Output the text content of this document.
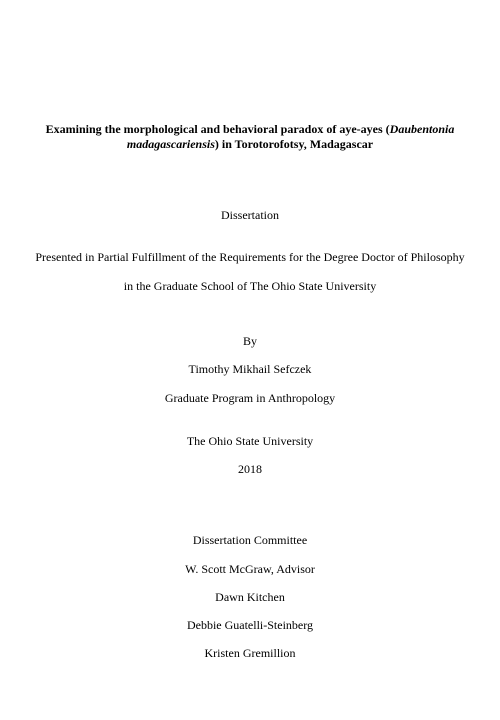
Examining the morphological and behavioral paradox of aye-ayes (Daubentonia
madagascariensis) in Torotorofotsy, Madagascar
Dissertation
Presented in Partial Fulfillment of the Requirements for the Degree Doctor of Philosophy
in the Graduate School of The Ohio State University
By
Timothy Mikhail Sefczek
Graduate Program in Anthropology
The Ohio State University
2018
Dissertation Committee
W. Scott McGraw, Advisor
Dawn Kitchen
Debbie Guatelli-Steinberg
Kristen Gremillion
